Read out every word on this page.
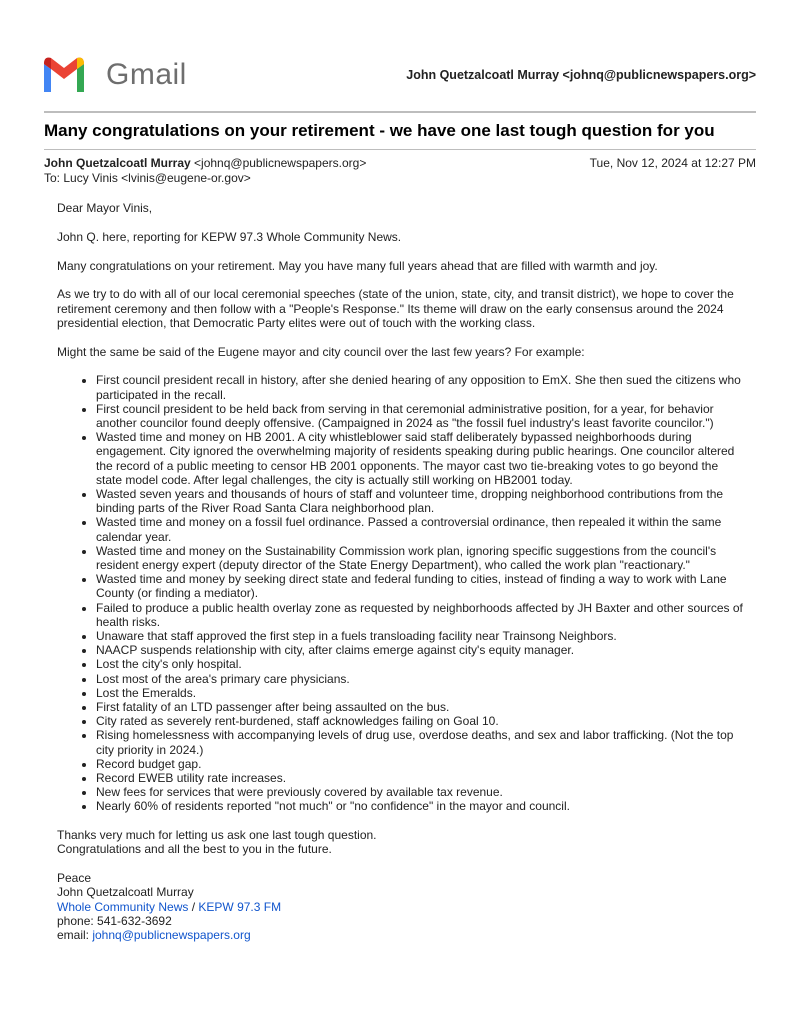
Gmail	John Quetzalcoatl Murray <johnq@publicnewspapers.org>
Many congratulations on your retirement - we have one last tough question for you
John Quetzalcoatl Murray <johnq@publicnewspapers.org>	Tue, Nov 12, 2024 at 12:27 PM
To: Lucy Vinis <lvinis@eugene-or.gov>

Dear Mayor Vinis,

John Q. here, reporting for KEPW 97.3 Whole Community News.

Many congratulations on your retirement. May you have many full years ahead that are filled with warmth and joy.

As we try to do with all of our local ceremonial speeches (state of the union, state, city, and transit district), we hope to cover the retirement ceremony and then follow with a "People's Response." Its theme will draw on the early consensus around the 2024 presidential election, that Democratic Party elites were out of touch with the working class.

Might the same be said of the Eugene mayor and city council over the last few years? For example:

• First council president recall in history, after she denied hearing of any opposition to EmX. She then sued the citizens who participated in the recall.
• First council president to be held back from serving in that ceremonial administrative position, for a year, for behavior another councilor found deeply offensive. (Campaigned in 2024 as "the fossil fuel industry's least favorite councilor.")
• Wasted time and money on HB 2001. A city whistleblower said staff deliberately bypassed neighborhoods during engagement. City ignored the overwhelming majority of residents speaking during public hearings. One councilor altered the record of a public meeting to censor HB 2001 opponents. The mayor cast two tie-breaking votes to go beyond the state model code. After legal challenges, the city is actually still working on HB2001 today.
• Wasted seven years and thousands of hours of staff and volunteer time, dropping neighborhood contributions from the binding parts of the River Road Santa Clara neighborhood plan.
• Wasted time and money on a fossil fuel ordinance. Passed a controversial ordinance, then repealed it within the same calendar year.
• Wasted time and money on the Sustainability Commission work plan, ignoring specific suggestions from the council's resident energy expert (deputy director of the State Energy Department), who called the work plan "reactionary."
• Wasted time and money by seeking direct state and federal funding to cities, instead of finding a way to work with Lane County (or finding a mediator).
• Failed to produce a public health overlay zone as requested by neighborhoods affected by JH Baxter and other sources of health risks.
• Unaware that staff approved the first step in a fuels transloading facility near Trainsong Neighbors.
• NAACP suspends relationship with city, after claims emerge against city's equity manager.
• Lost the city's only hospital.
• Lost most of the area's primary care physicians.
• Lost the Emeralds.
• First fatality of an LTD passenger after being assaulted on the bus.
• City rated as severely rent-burdened, staff acknowledges failing on Goal 10.
• Rising homelessness with accompanying levels of drug use, overdose deaths, and sex and labor trafficking. (Not the top city priority in 2024.)
• Record budget gap.
• Record EWEB utility rate increases.
• New fees for services that were previously covered by available tax revenue.
• Nearly 60% of residents reported "not much" or "no confidence" in the mayor and council.

Thanks very much for letting us ask one last tough question.
Congratulations and all the best to you in the future.

Peace
John Quetzalcoatl Murray
Whole Community News / KEPW 97.3 FM
phone: 541-632-3692
email: johnq@publicnewspapers.org
